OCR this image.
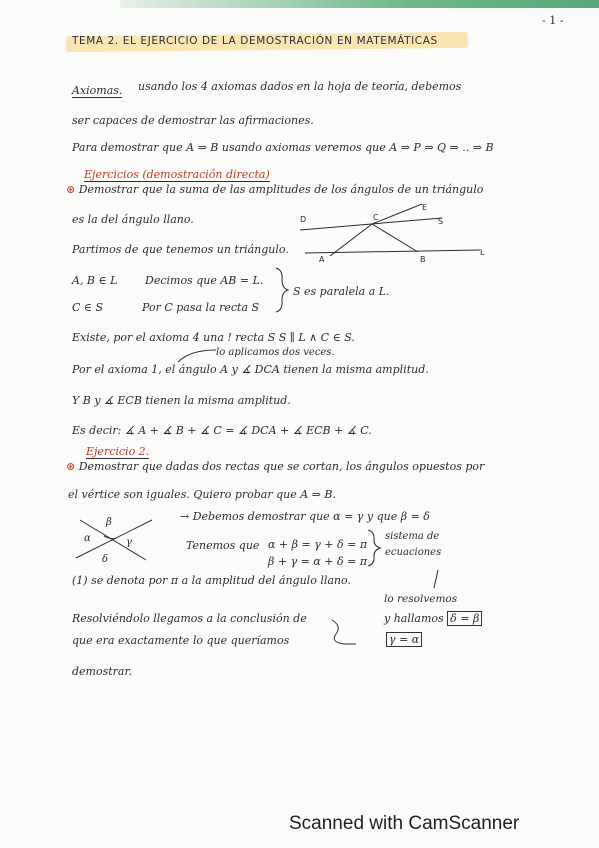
- 1 -
TEMA 2. EL EJERCICIO DE LA DEMOSTRACIÓN EN MATEMÁTICAS
Axiomas. usando los 4 axiomas dados en la hoja de teoría, debemos
ser capaces de demostrar las afirmaciones.
Para demostrar que A ⇒ B usando axiomas veremos que A ⇒ P ⇒ Q ⇒ .. ⇒ B
Ejercicios (demostración directa)
⊛ Demostrar que la suma de las amplitudes de los ángulos de un triángulo
es la del ángulo llano.
Partimos de que tenemos un triángulo.
A, B ∈ L	Decimos que AB = L.
C ∈ S	Por C pasa la recta S
S es paralela a L.
Existe, por el axioma 4 una ! recta S S ∥ L ∧ C ∈ S.
lo aplicamos dos veces.
Por el axioma 1, el ángulo A y ∡ DCA tienen la misma amplitud.
Y B y ∡ ECB tienen la misma amplitud.
Es decir: ∡ A + ∡ B + ∡ C = ∡ DCA + ∡ ECB + ∡ C.
Ejercicio 2.
⊛ Demostrar que dadas dos rectas que se cortan, los ángulos opuestos por
el vértice son iguales. Quiero probar que A ⇒ B.
→ Debemos demostrar que α = γ y que β = δ
Tenemos que α + β = γ + δ = π
β + γ = α + δ = π
sistema de
ecuaciones
(1) se denota por π a la amplitud del ángulo llano.
lo resolvemos
Resolviéndolo llegamos a la conclusión de	y hallamos δ = β
que era exactamente lo que queríamos	γ = α
demostrar.
D	C
E
S
A	B
L
α
β
γ
δ
Scanned with CamScanner
